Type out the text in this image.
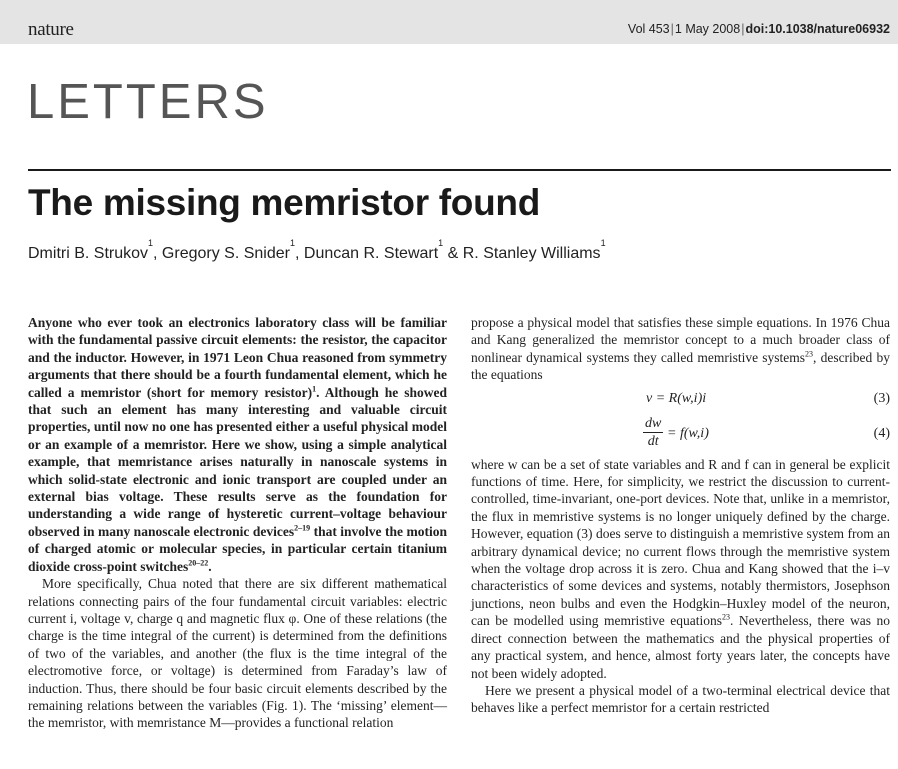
nature	Vol 453|1 May 2008|doi:10.1038/nature06932
LETTERS
The missing memristor found
Dmitri B. Strukov$^1$, Gregory S. Snider$^1$, Duncan R. Stewart$^1$ & R. Stanley Williams$^1$

Anyone who ever took an electronics laboratory class will be familiar with the fundamental passive circuit elements: the resistor, the capacitor and the inductor. However, in 1971 Leon Chua reasoned from symmetry arguments that there should be a fourth fundamental element, which he called a memristor (short for memory resistor)$^1$. Although he showed that such an element has many interesting and valuable circuit properties, until now no one has presented either a useful physical model or an example of a memristor. Here we show, using a simple analytical example, that memristance arises naturally in nanoscale systems in which solid-state electronic and ionic transport are coupled under an external bias voltage. These results serve as the foundation for understanding a wide range of hysteretic current–voltage behaviour observed in many nanoscale electronic devices$^{2-19}$ that involve the motion of charged atomic or molecular species, in particular certain titanium dioxide cross-point switches$^{20-22}$.

More specifically, Chua noted that there are six different mathematical relations connecting pairs of the four fundamental circuit variables: electric current i, voltage v, charge q and magnetic flux φ. One of these relations (the charge is the time integral of the current) is determined from the definitions of two of the variables, and another (the flux is the time integral of the electromotive force, or voltage) is determined from Faraday’s law of induction. Thus, there should be four basic circuit elements described by the remaining relations between the variables (Fig. 1). The ‘missing’ element—the memristor, with memristance M—provides a functional relation

propose a physical model that satisfies these simple equations. In 1976 Chua and Kang generalized the memristor concept to a much broader class of nonlinear dynamical systems they called memristive systems$^{23}$, described by the equations

v = R(w,i)i	(3)
$\frac{dw}{dt} = f(w,i)$	(4)

where w can be a set of state variables and R and f can in general be explicit functions of time. Here, for simplicity, we restrict the discussion to current-controlled, time-invariant, one-port devices. Note that, unlike in a memristor, the flux in memristive systems is no longer uniquely defined by the charge. However, equation (3) does serve to distinguish a memristive system from an arbitrary dynamical device; no current flows through the memristive system when the voltage drop across it is zero. Chua and Kang showed that the i–v characteristics of some devices and systems, notably thermistors, Josephson junctions, neon bulbs and even the Hodgkin–Huxley model of the neuron, can be modelled using memristive equations$^{23}$. Nevertheless, there was no direct connection between the mathematics and the physical properties of any practical system, and hence, almost forty years later, the concepts have not been widely adopted.

Here we present a physical model of a two-terminal electrical device that behaves like a perfect memristor for a certain restricted
